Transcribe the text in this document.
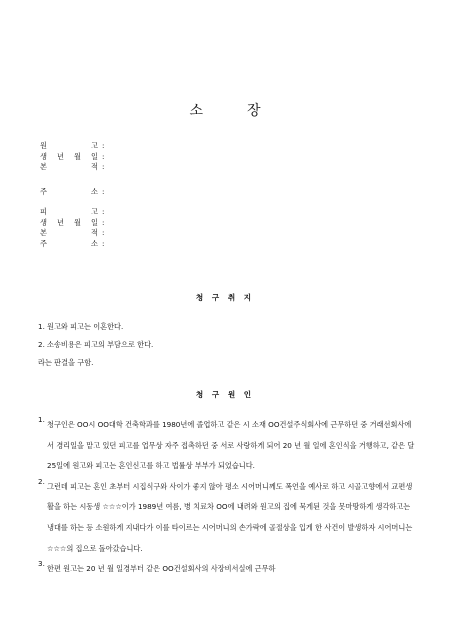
소	장
원	고 :
생 년 월 일 :
본	적 :
주	소 :
피	고 :
생 년 월 일 :
본	적 :
주	소 :
청 구 취 지
1. 원고와 피고는 이혼한다.
2. 소송비용은 피고의 부담으로 한다.
라는 판결을 구함.
청 구 원 인
1.
청구인은 OO시 OO대학 건축학과를 1980년에 졸업하고 같은 시 소재 OO건설주식회사에 근무하던 중 거래선회사에서 경리일을 맡고 있던 피고를 업무상 자주 접촉하던 중 서로 사랑하게 되어 20 년 월 일에 혼인식을 거행하고, 같은 달 25일에 원고와 피고는 혼인신고를 하고 법률상 부부가 되었습니다.
2.
그런데 피고는 혼인 초부터 시집식구와 사이가 좋지 않아 평소 시어머니께도 폭언을 예사로 하고 시골고향에서 교편생활을 하는 시동생 ☆☆☆이가 1989년 여름, 병 치료차 OO에 내려와 원고의 집에 묵게된 것을 못마땅하게 생각하고는 냉대를 하는 등 소원하게 지내다가 이를 타이르는 시어머니의 손가락에 골절상을 입게 한 사건이 발생하자 시어머니는 ☆☆☆의 집으로 돌아갔습니다.
3.
한편 원고는 20 년 월 일경부터 같은 OO건설회사의 사장비서실에 근무하
